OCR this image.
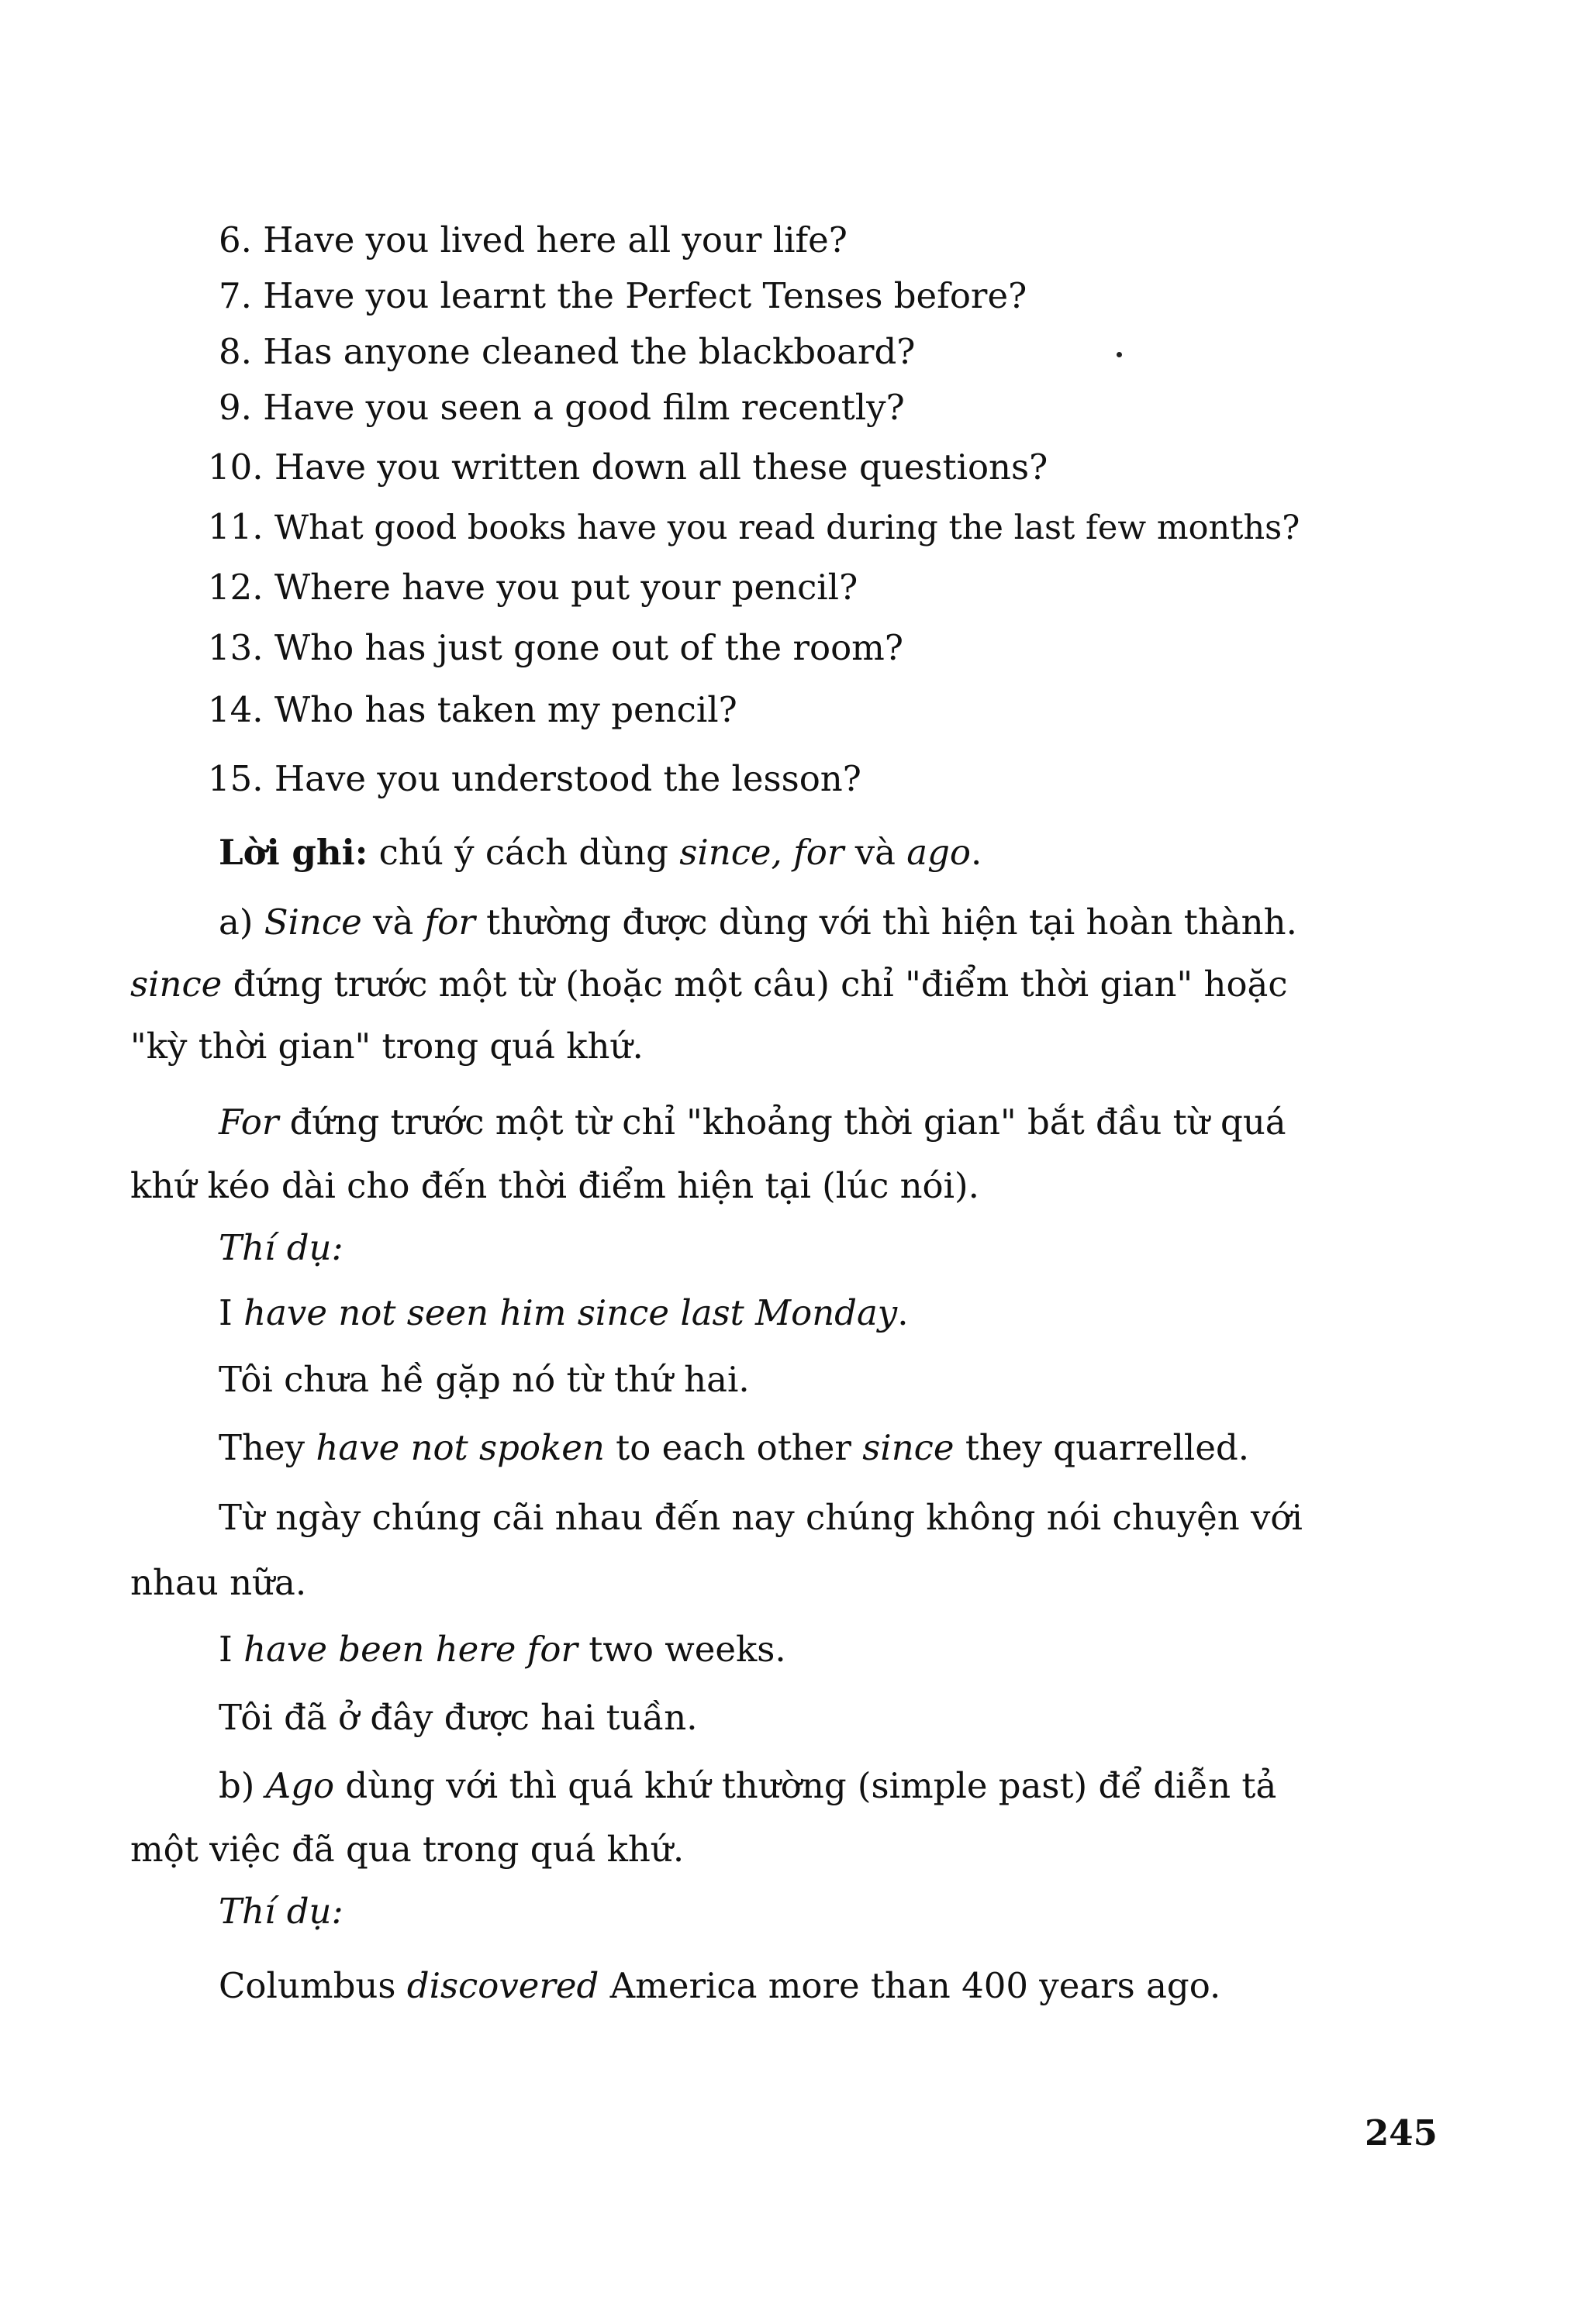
6. Have you lived here all your life?
7. Have you learnt the Perfect Tenses before?
8. Has anyone cleaned the blackboard?
9. Have you seen a good film recently?
10. Have you written down all these questions?
11. What good books have you read during the last few months?
12. Where have you put your pencil?
13. Who has just gone out of the room?
14. Who has taken my pencil?
15. Have you understood the lesson?
Lời ghi: chú ý cách dùng since, for và ago.
a) Since và for thường được dùng với thì hiện tại hoàn thành.
since đứng trước một từ (hoặc một câu) chỉ "điểm thời gian" hoặc
"kỳ thời gian" trong quá khứ.
For đứng trước một từ chỉ "khoảng thời gian" bắt đầu từ quá
khứ kéo dài cho đến thời điểm hiện tại (lúc nói).
Thí dụ:
I have not seen him since last Monday.
Tôi chưa hề gặp nó từ thứ hai.
They have not spoken to each other since they quarrelled.
Từ ngày chúng cãi nhau đến nay chúng không nói chuyện với
nhau nữa.
I have been here for two weeks.
Tôi đã ở đây được hai tuần.
b) Ago dùng với thì quá khứ thường (simple past) để diễn tả
một việc đã qua trong quá khứ.
Thí dụ:
Columbus discovered America more than 400 years ago.
245
